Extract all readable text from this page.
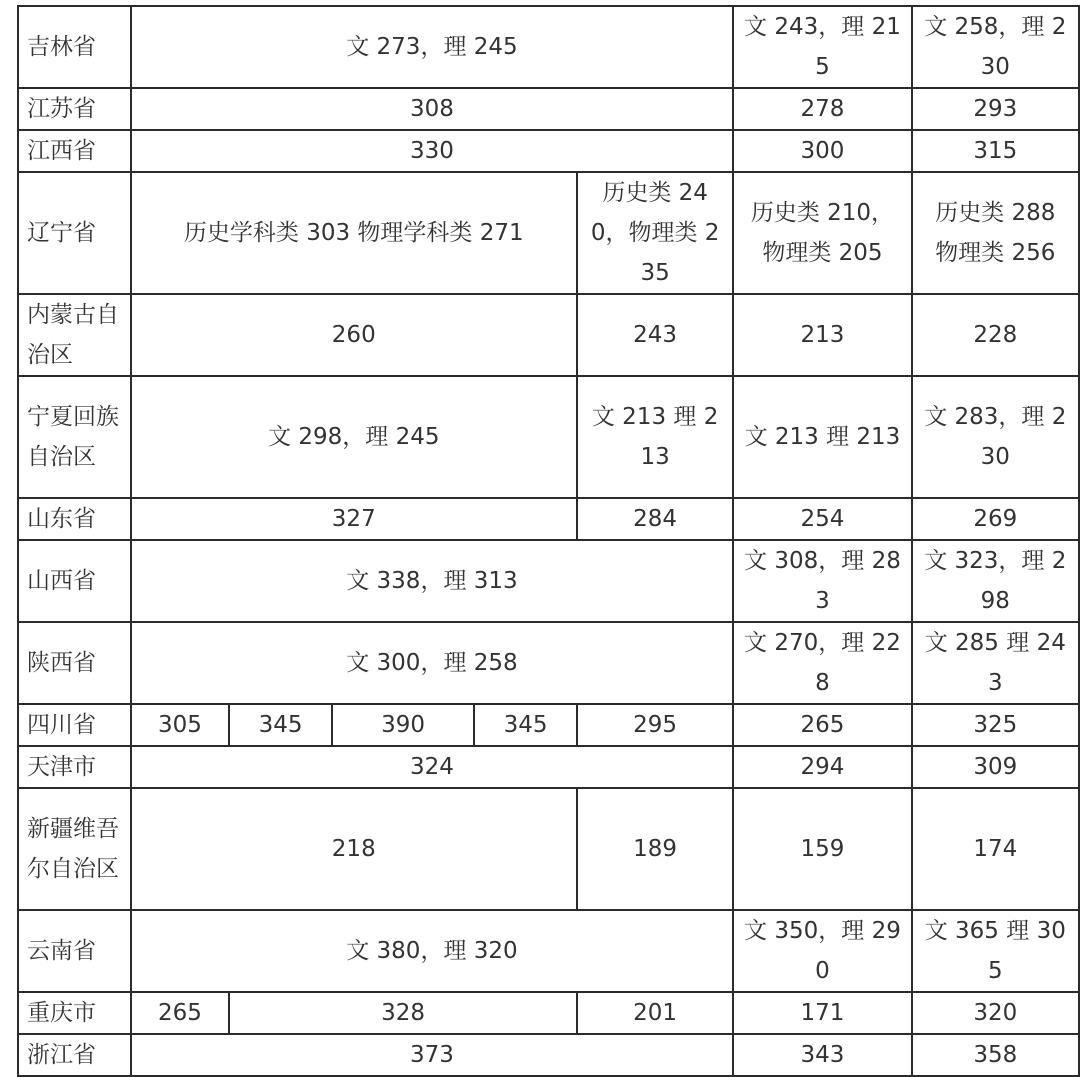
吉林省	文 273，理 245					文 243，理 215	文 258，理 230
江苏省	308					278	293
江西省	330					300	315
辽宁省	历史学科类 303 物理学科类 271				历史类 240，物理类 235	历史类 210，物理类 205	历史类 288 物理类 256
内蒙古自治区	260				243	213	228
宁夏回族自治区	文 298，理 245				文 213 理 213	文 213 理 213	文 283，理 230
山东省	327				284	254	269
山西省	文 338，理 313					文 308，理 283	文 323，理 298
陕西省	文 300，理 258					文 270，理 228	文 285 理 243
四川省	305	345	390	345	295	265	325
天津市	324					294	309
新疆维吾尔自治区	218				189	159	174
云南省	文 380，理 320					文 350，理 290	文 365 理 305
重庆市	265	328			201	171	320
浙江省	373					343	358
